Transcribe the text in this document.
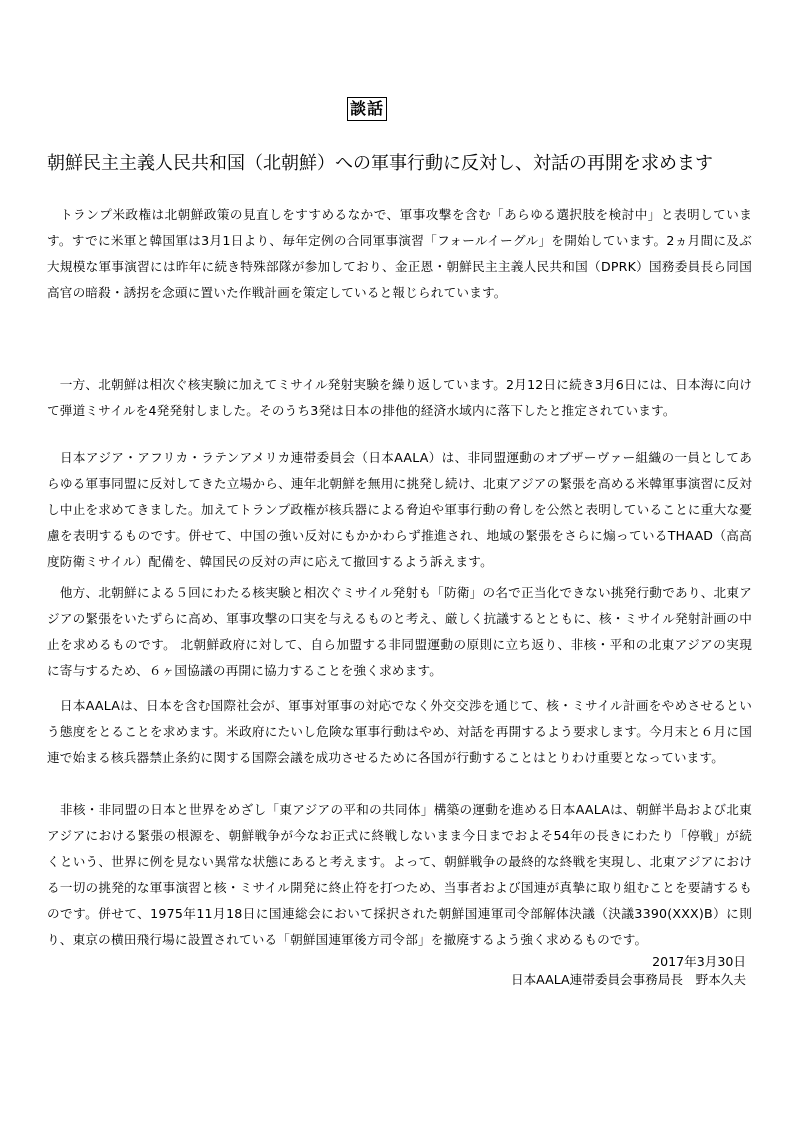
談話
朝鮮民主主義人民共和国（北朝鮮）への軍事行動に反対し、対話の再開を求めます

　トランプ米政権は北朝鮮政策の見直しをすすめるなかで、軍事攻撃を含む「あらゆる選択肢を検討中」と表明しています。すでに米軍と韓国軍は3月1日より、毎年定例の合同軍事演習「フォールイーグル」を開始しています。2ヵ月間に及ぶ大規模な軍事演習には昨年に続き特殊部隊が参加しており、金正恩・朝鮮民主主義人民共和国（DPRK）国務委員長ら同国高官の暗殺・誘拐を念頭に置いた作戦計画を策定していると報じられています。

　一方、北朝鮮は相次ぐ核実験に加えてミサイル発射実験を繰り返しています。2月12日に続き3月6日には、日本海に向けて弾道ミサイルを4発発射しました。そのうち3発は日本の排他的経済水域内に落下したと推定されています。

　日本アジア・アフリカ・ラテンアメリカ連帯委員会（日本AALA）は、非同盟運動のオブザーヴァー組織の一員としてあらゆる軍事同盟に反対してきた立場から、連年北朝鮮を無用に挑発し続け、北東アジアの緊張を高める米韓軍事演習に反対し中止を求めてきました。加えてトランプ政権が核兵器による脅迫や軍事行動の脅しを公然と表明していることに重大な憂慮を表明するものです。併せて、中国の強い反対にもかかわらず推進され、地域の緊張をさらに煽っているTHAAD（高高度防衛ミサイル）配備を、韓国民の反対の声に応えて撤回するよう訴えます。

　他方、北朝鮮による５回にわたる核実験と相次ぐミサイル発射も「防衛」の名で正当化できない挑発行動であり、北東アジアの緊張をいたずらに高め、軍事攻撃の口実を与えるものと考え、厳しく抗議するとともに、核・ミサイル発射計画の中止を求めるものです。 北朝鮮政府に対して、自ら加盟する非同盟運動の原則に立ち返り、非核・平和の北東アジアの実現に寄与するため、６ヶ国協議の再開に協力することを強く求めます。

　日本AALAは、日本を含む国際社会が、軍事対軍事の対応でなく外交交渉を通じて、核・ミサイル計画をやめさせるという態度をとることを求めます。米政府にたいし危険な軍事行動はやめ、対話を再開するよう要求します。今月末と６月に国連で始まる核兵器禁止条約に関する国際会議を成功させるために各国が行動することはとりわけ重要となっています。

　非核・非同盟の日本と世界をめざし「東アジアの平和の共同体」構築の運動を進める日本AALAは、朝鮮半島および北東アジアにおける緊張の根源を、朝鮮戦争が今なお正式に終戦しないまま今日までおよそ54年の長きにわたり「停戦」が続くという、世界に例を見ない異常な状態にあると考えます。よって、朝鮮戦争の最終的な終戦を実現し、北東アジアにおける一切の挑発的な軍事演習と核・ミサイル開発に終止符を打つため、当事者および国連が真摯に取り組むことを要請するものです。併せて、1975年11月18日に国連総会において採択された朝鮮国連軍司令部解体決議（決議3390(XXX)B）に則り、東京の横田飛行場に設置されている「朝鮮国連軍後方司令部」を撤廃するよう強く求めるものです。

2017年3月30日
日本AALA連帯委員会事務局長　野本久夫
